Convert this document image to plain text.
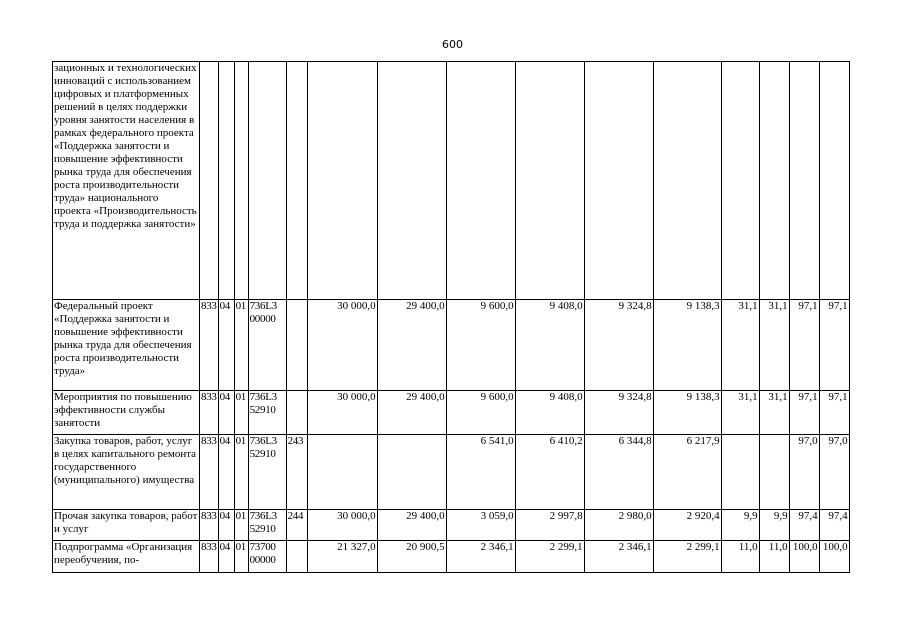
600
зационных и технологических инноваций с использованием цифровых и платформенных решений в целях поддержки уровня занятости населения в рамках федерального проекта «Поддержка занятости и повышение эффективности рынка труда для обеспечения роста производительности труда» национального проекта «Производительность труда и поддержка занятости»															
Федеральный проект «Поддержка занятости и повышение эффективности рынка труда для обеспечения роста производительности труда»	833	04	01	736L3 00000		30 000,0	29 400,0	9 600,0	9 408,0	9 324,8	9 138,3	31,1	31,1	97,1	97,1
Мероприятия по повышению эффективности службы занятости	833	04	01	736L3 52910		30 000,0	29 400,0	9 600,0	9 408,0	9 324,8	9 138,3	31,1	31,1	97,1	97,1
Закупка товаров, работ, услуг в целях капитального ремонта государственного (муниципального) имущества	833	04	01	736L3 52910	243			6 541,0	6 410,2	6 344,8	6 217,9			97,0	97,0
Прочая закупка товаров, работ и услуг	833	04	01	736L3 52910	244	30 000,0	29 400,0	3 059,0	2 997,8	2 980,0	2 920,4	9,9	9,9	97,4	97,4
Подпрограмма «Организация переобучения, по-	833	04	01	73700 00000		21 327,0	20 900,5	2 346,1	2 299,1	2 346,1	2 299,1	11,0	11,0	100,0	100,0
